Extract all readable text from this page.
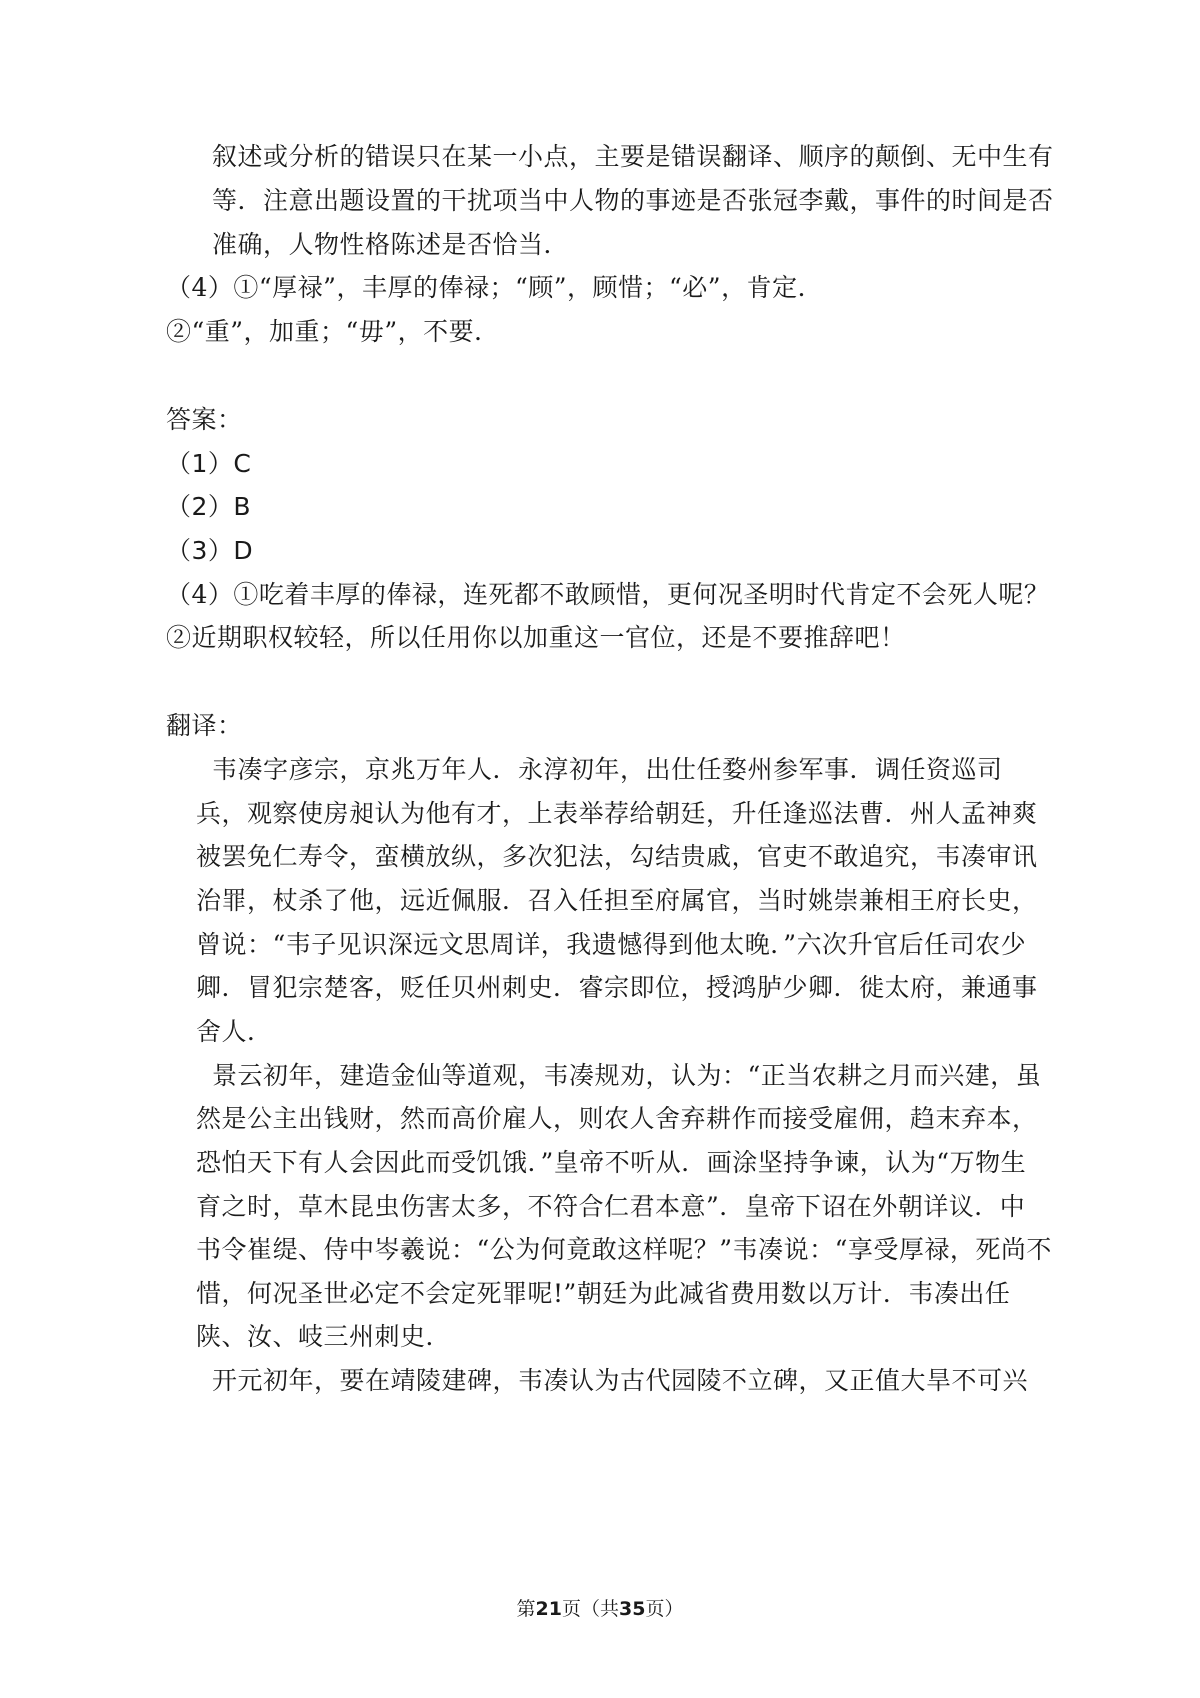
叙述或分析的错误只在某一小点，主要是错误翻译、顺序的颠倒、无中生有
等．注意出题设置的干扰项当中人物的事迹是否张冠李戴，事件的时间是否
准确，人物性格陈述是否恰当．
（4）①“厚禄”，丰厚的俸禄；“顾”，顾惜；“必”，肯定．
②“重”，加重；“毋”，不要．
答案：
（1）C
（2）B
（3）D
（4）①吃着丰厚的俸禄，连死都不敢顾惜，更何况圣明时代肯定不会死人呢？
②近期职权较轻，所以任用你以加重这一官位，还是不要推辞吧！
翻译：
韦凑字彦宗，京兆万年人．永淳初年，出仕任婺州参军事．调任资巡司
兵，观察使房昶认为他有才，上表举荐给朝廷，升任逢巡法曹．州人孟神爽
被罢免仁寿令，蛮横放纵，多次犯法，勾结贵戚，官吏不敢追究，韦凑审讯
治罪，杖杀了他，远近佩服．召入任担至府属官，当时姚崇兼相王府长史，
曾说：“韦子见识深远文思周详，我遗憾得到他太晚．”六次升官后任司农少
卿．冒犯宗楚客，贬任贝州刺史．睿宗即位，授鸿胪少卿．徙太府，兼通事
舍人．
景云初年，建造金仙等道观，韦凑规劝，认为：“正当农耕之月而兴建，虽
然是公主出钱财，然而高价雇人，则农人舍弃耕作而接受雇佣，趋末弃本，
恐怕天下有人会因此而受饥饿．”皇帝不听从．画涂坚持争谏，认为“万物生
育之时，草木昆虫伤害太多，不符合仁君本意”．皇帝下诏在外朝详议．中
书令崔缇、侍中岑羲说：“公为何竟敢这样呢？”韦凑说：“享受厚禄，死尚不
惜，何况圣世必定不会定死罪呢!”朝廷为此减省费用数以万计．韦凑出任
陕、汝、岐三州刺史．
开元初年，要在靖陵建碑，韦凑认为古代园陵不立碑，又正值大旱不可兴
第21页（共35页）
